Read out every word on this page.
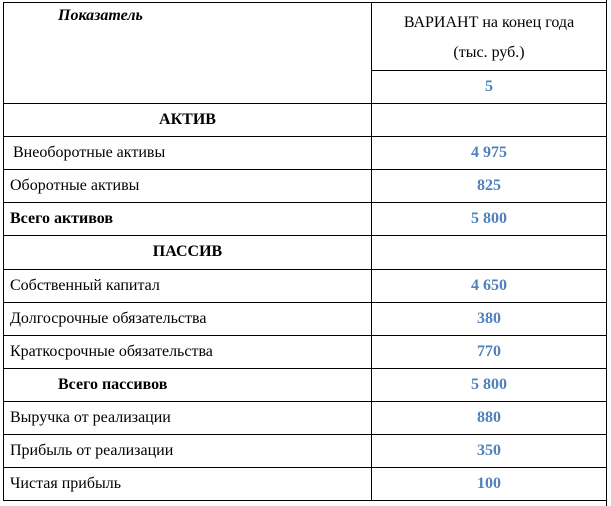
Показатель	ВАРИАНТ на конец года
(тыс. руб.)
	5
АКТИВ	
Внеоборотные активы	4 975
Оборотные активы	825
Всего активов	5 800
ПАССИВ	
Собственный капитал	4 650
Долгосрочные обязательства	380
Краткосрочные обязательства	770
Всего пассивов	5 800
Выручка от реализации	880
Прибыль от реализации	350
Чистая прибыль	100
